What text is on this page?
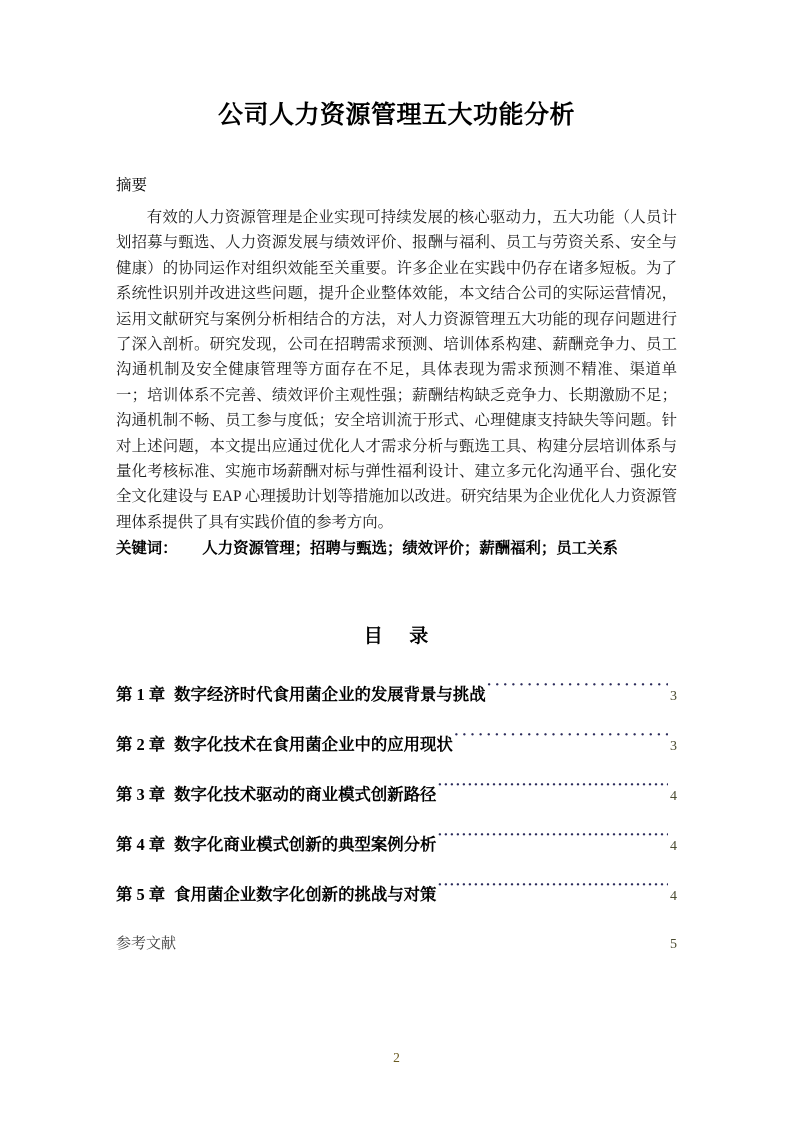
公司人力资源管理五大功能分析
摘要
有效的人力资源管理是企业实现可持续发展的核心驱动力，五大功能（人员计划招募与甄选、人力资源发展与绩效评价、报酬与福利、员工与劳资关系、安全与健康）的协同运作对组织效能至关重要。许多企业在实践中仍存在诸多短板。为了系统性识别并改进这些问题，提升企业整体效能，本文结合公司的实际运营情况，运用文献研究与案例分析相结合的方法，对人力资源管理五大功能的现存问题进行了深入剖析。研究发现，公司在招聘需求预测、培训体系构建、薪酬竞争力、员工沟通机制及安全健康管理等方面存在不足，具体表现为需求预测不精准、渠道单一；培训体系不完善、绩效评价主观性强；薪酬结构缺乏竞争力、长期激励不足；沟通机制不畅、员工参与度低；安全培训流于形式、心理健康支持缺失等问题。针对上述问题，本文提出应通过优化人才需求分析与甄选工具、构建分层培训体系与量化考核标准、实施市场薪酬对标与弹性福利设计、建立多元化沟通平台、强化安全文化建设与 EAP 心理援助计划等措施加以改进。研究结果为企业优化人力资源管理体系提供了具有实践价值的参考方向。
关键词： 人力资源管理；招聘与甄选；绩效评价；薪酬福利；员工关系
目 录
第 1 章 数字经济时代食用菌企业的发展背景与挑战 ·····	3
第 2 章 数字化技术在食用菌企业中的应用现状 ·····	3
第 3 章 数字化技术驱动的商业模式创新路径 ·····	4
第 4 章 数字化商业模式创新的典型案例分析 ·····	4
第 5 章 食用菌企业数字化创新的挑战与对策 ·····	4
参考文献 ·····	5
2
